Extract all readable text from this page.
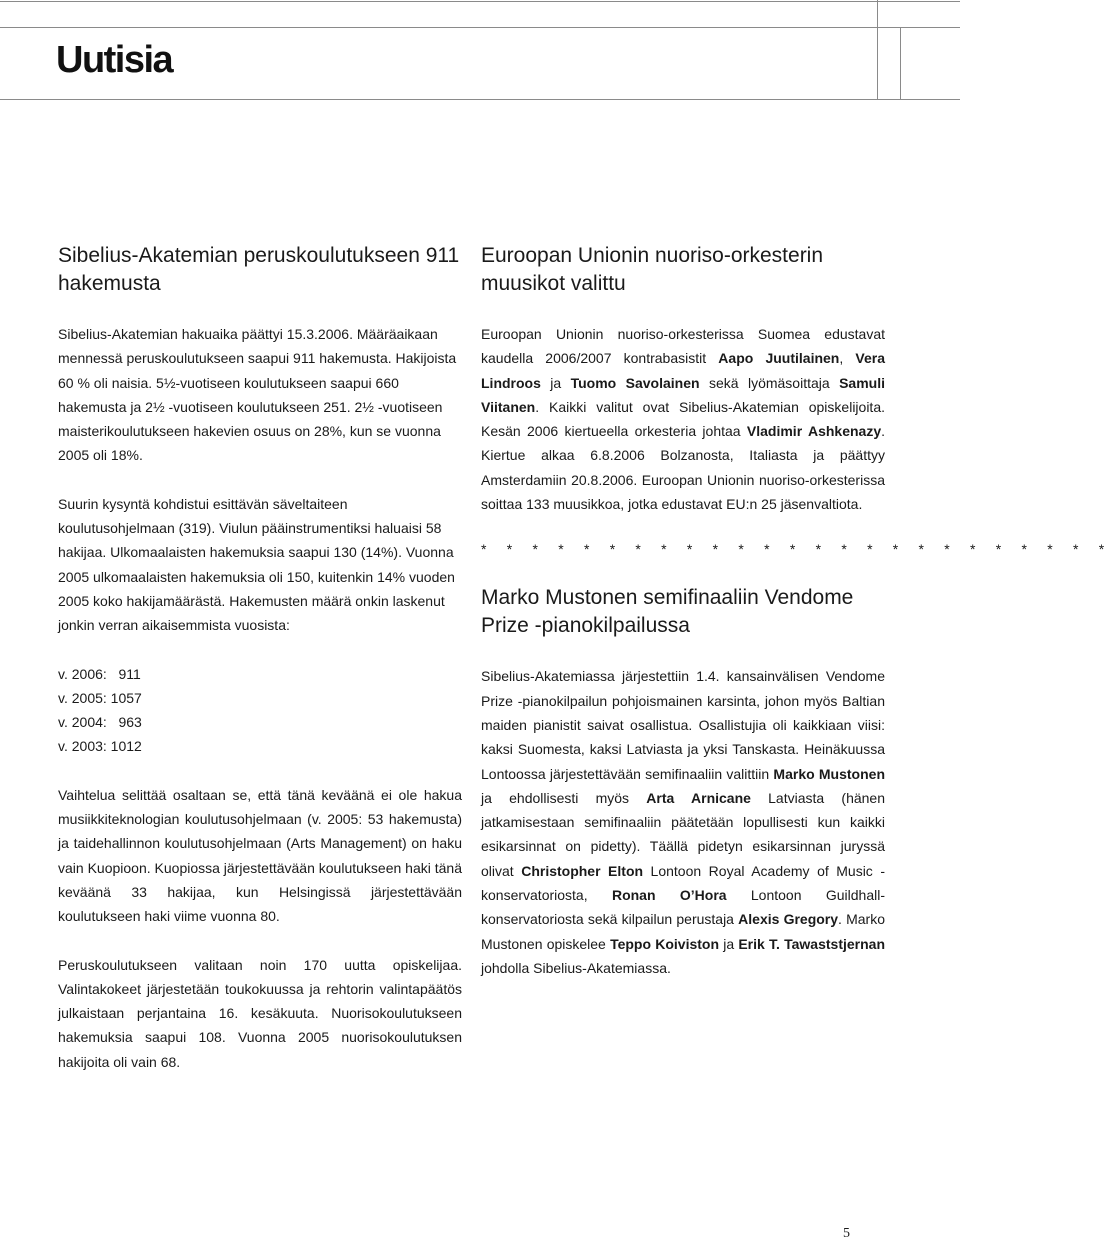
Uutisia
Sibelius-Akatemian peruskoulutukseen 911 hakemusta

Sibelius-Akatemian hakuaika päättyi 15.3.2006. Määräaikaan mennessä peruskoulutukseen saapui 911 hakemusta. Hakijoista 60 % oli naisia. 5½-vuotiseen koulutukseen saapui 660 hakemusta ja 2½ -vuotiseen koulutukseen 251. 2½ -vuotiseen maisterikoulutukseen hakevien osuus on 28%, kun se vuonna 2005 oli 18%.

Suurin kysyntä kohdistui esittävän säveltaiteen koulutusohjelmaan (319). Viulun pääinstrumentiksi haluaisi 58 hakijaa. Ulkomaalaisten hakemuksia saapui 130 (14%). Vuonna 2005 ulkomaalaisten hakemuksia oli 150, kuitenkin 14% vuoden 2005 koko hakijamäärästä. Hakemusten määrä onkin laskenut jonkin verran aikaisemmista vuosista:

v. 2006:   911
v. 2005: 1057
v. 2004:   963
v. 2003: 1012

Vaihtelua selittää osaltaan se, että tänä keväänä ei ole hakua musiikkiteknologian koulutusohjelmaan (v. 2005: 53 hakemusta) ja taidehallinnon koulutusohjelmaan (Arts Management) on haku vain Kuopioon. Kuopiossa järjestettävään koulutukseen haki tänä keväänä 33 hakijaa, kun Helsingissä järjestettävään koulutukseen haki viime vuonna 80.

Peruskoulutukseen valitaan noin 170 uutta opiskelijaa. Valintakokeet järjestetään toukokuussa ja rehtorin valintapäätös julkaistaan perjantaina 16. kesäkuuta. Nuorisokoulutukseen hakemuksia saapui 108. Vuonna 2005 nuorisokoulutuksen hakijoita oli vain 68.

Euroopan Unionin nuoriso-orkesterin muusikot valittu

Euroopan Unionin nuoriso-orkesterissa Suomea edustavat kaudella 2006/2007 kontrabasistit Aapo Juutilainen, Vera Lindroos ja Tuomo Savolainen sekä lyömäsoittaja Samuli Viitanen. Kaikki valitut ovat Sibelius-Akatemian opiskelijoita. Kesän 2006 kiertueella orkesteria johtaa Vladimir Ashkenazy. Kiertue alkaa 6.8.2006 Bolzanosta, Italiasta ja päättyy Amsterdamiin 20.8.2006. Euroopan Unionin nuoriso-orkesterissa soittaa 133 muusikkoa, jotka edustavat EU:n 25 jäsenvaltiota.

* * * * * * * * * * * * * * * * * * * * * * * * *
Marko Mustonen semifinaaliin Vendome Prize -pianokilpailussa

Sibelius-Akatemiassa järjestettiin 1.4. kansainvälisen Vendome Prize -pianokilpailun pohjoismainen karsinta, johon myös Baltian maiden pianistit saivat osallistua. Osallistujia oli kaikkiaan viisi: kaksi Suomesta, kaksi Latviasta ja yksi Tanskasta. Heinäkuussa Lontoossa järjestettävään semifinaaliin valittiin Marko Mustonen ja ehdollisesti myös Arta Arnicane Latviasta (hänen jatkamisestaan semifinaaliin päätetään lopullisesti kun kaikki esikarsinnat on pidetty). Täällä pidetyn esikarsinnan juryssä olivat Christopher Elton Lontoon Royal Academy of Music -konservatoriosta, Ronan O’Hora Lontoon Guildhall-konservatoriosta sekä kilpailun perustaja Alexis Gregory. Marko Mustonen opiskelee Teppo Koiviston ja Erik T. Tawaststjernan johdolla Sibelius-Akatemiassa.

5
